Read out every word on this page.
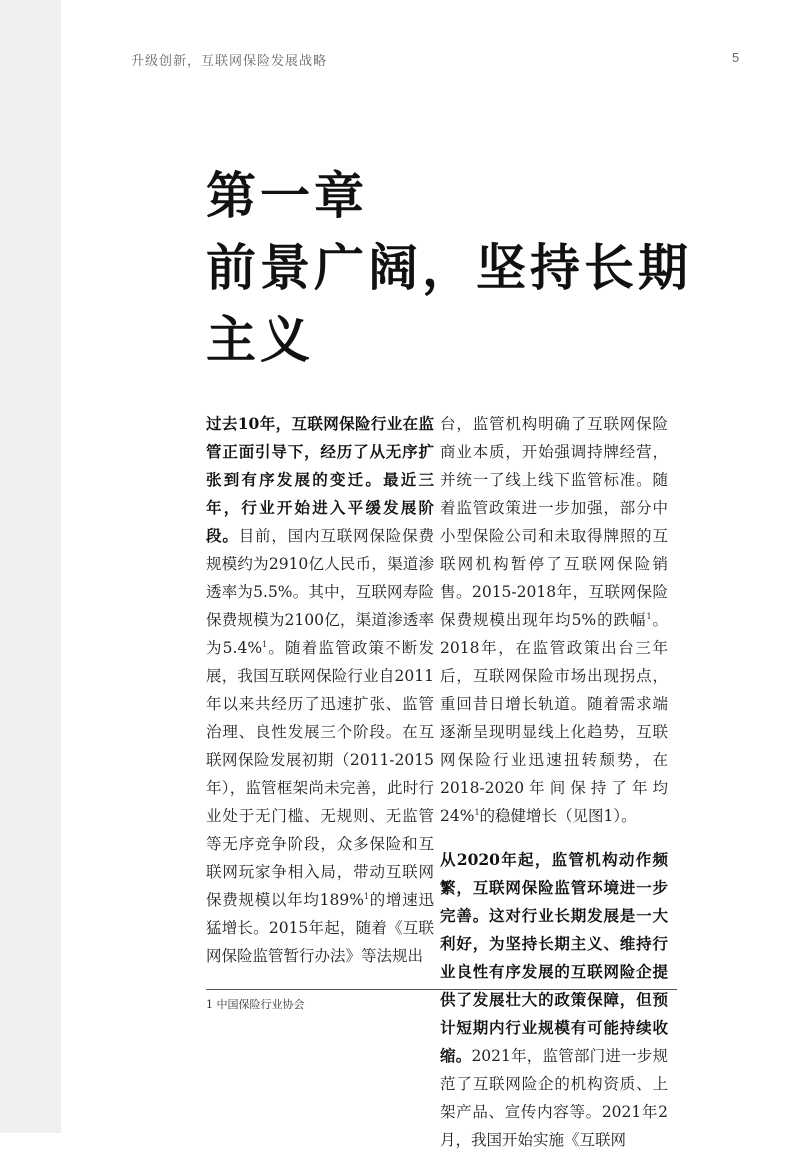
升级创新，互联网保险发展战略	5
第一章
前景广阔，坚持长期
主义

过去10年，互联网保险行业在监管正面引导下，经历了从无序扩张到有序发展的变迁。最近三年，行业开始进入平缓发展阶段。目前，国内互联网保险保费规模约为2910亿人民币，渠道渗透率为5.5%。其中，互联网寿险保费规模为2100亿，渠道渗透率为5.4%$^1$。随着监管政策不断发展，我国互联网保险行业自2011年以来共经历了迅速扩张、监管治理、良性发展三个阶段。在互联网保险发展初期（2011-2015年），监管框架尚未完善，此时行业处于无门槛、无规则、无监管等无序竞争阶段，众多保险和互联网玩家争相入局，带动互联网保费规模以年均189%$^1$的增速迅猛增长。2015年起，随着《互联网保险监管暂行办法》等法规出

台，监管机构明确了互联网保险商业本质，开始强调持牌经营，并统一了线上线下监管标准。随着监管政策进一步加强，部分中小型保险公司和未取得牌照的互联网机构暂停了互联网保险销售。2015-2018年，互联网保险保费规模出现年均5%的跌幅$^1$。2018年，在监管政策出台三年后，互联网保险市场出现拐点，重回昔日增长轨道。随着需求端逐渐呈现明显线上化趋势，互联网保险行业迅速扭转颓势，在2018-2020年间保持了年均24%$^1$的稳健增长（见图1）。

从2020年起，监管机构动作频繁，互联网保险监管环境进一步完善。这对行业长期发展是一大利好，为坚持长期主义、维持行业良性有序发展的互联网险企提供了发展壮大的政策保障，但预计短期内行业规模有可能持续收缩。2021年，监管部门进一步规范了互联网险企的机构资质、上架产品、宣传内容等。2021年2月，我国开始实施《互联网

1 中国保险行业协会
